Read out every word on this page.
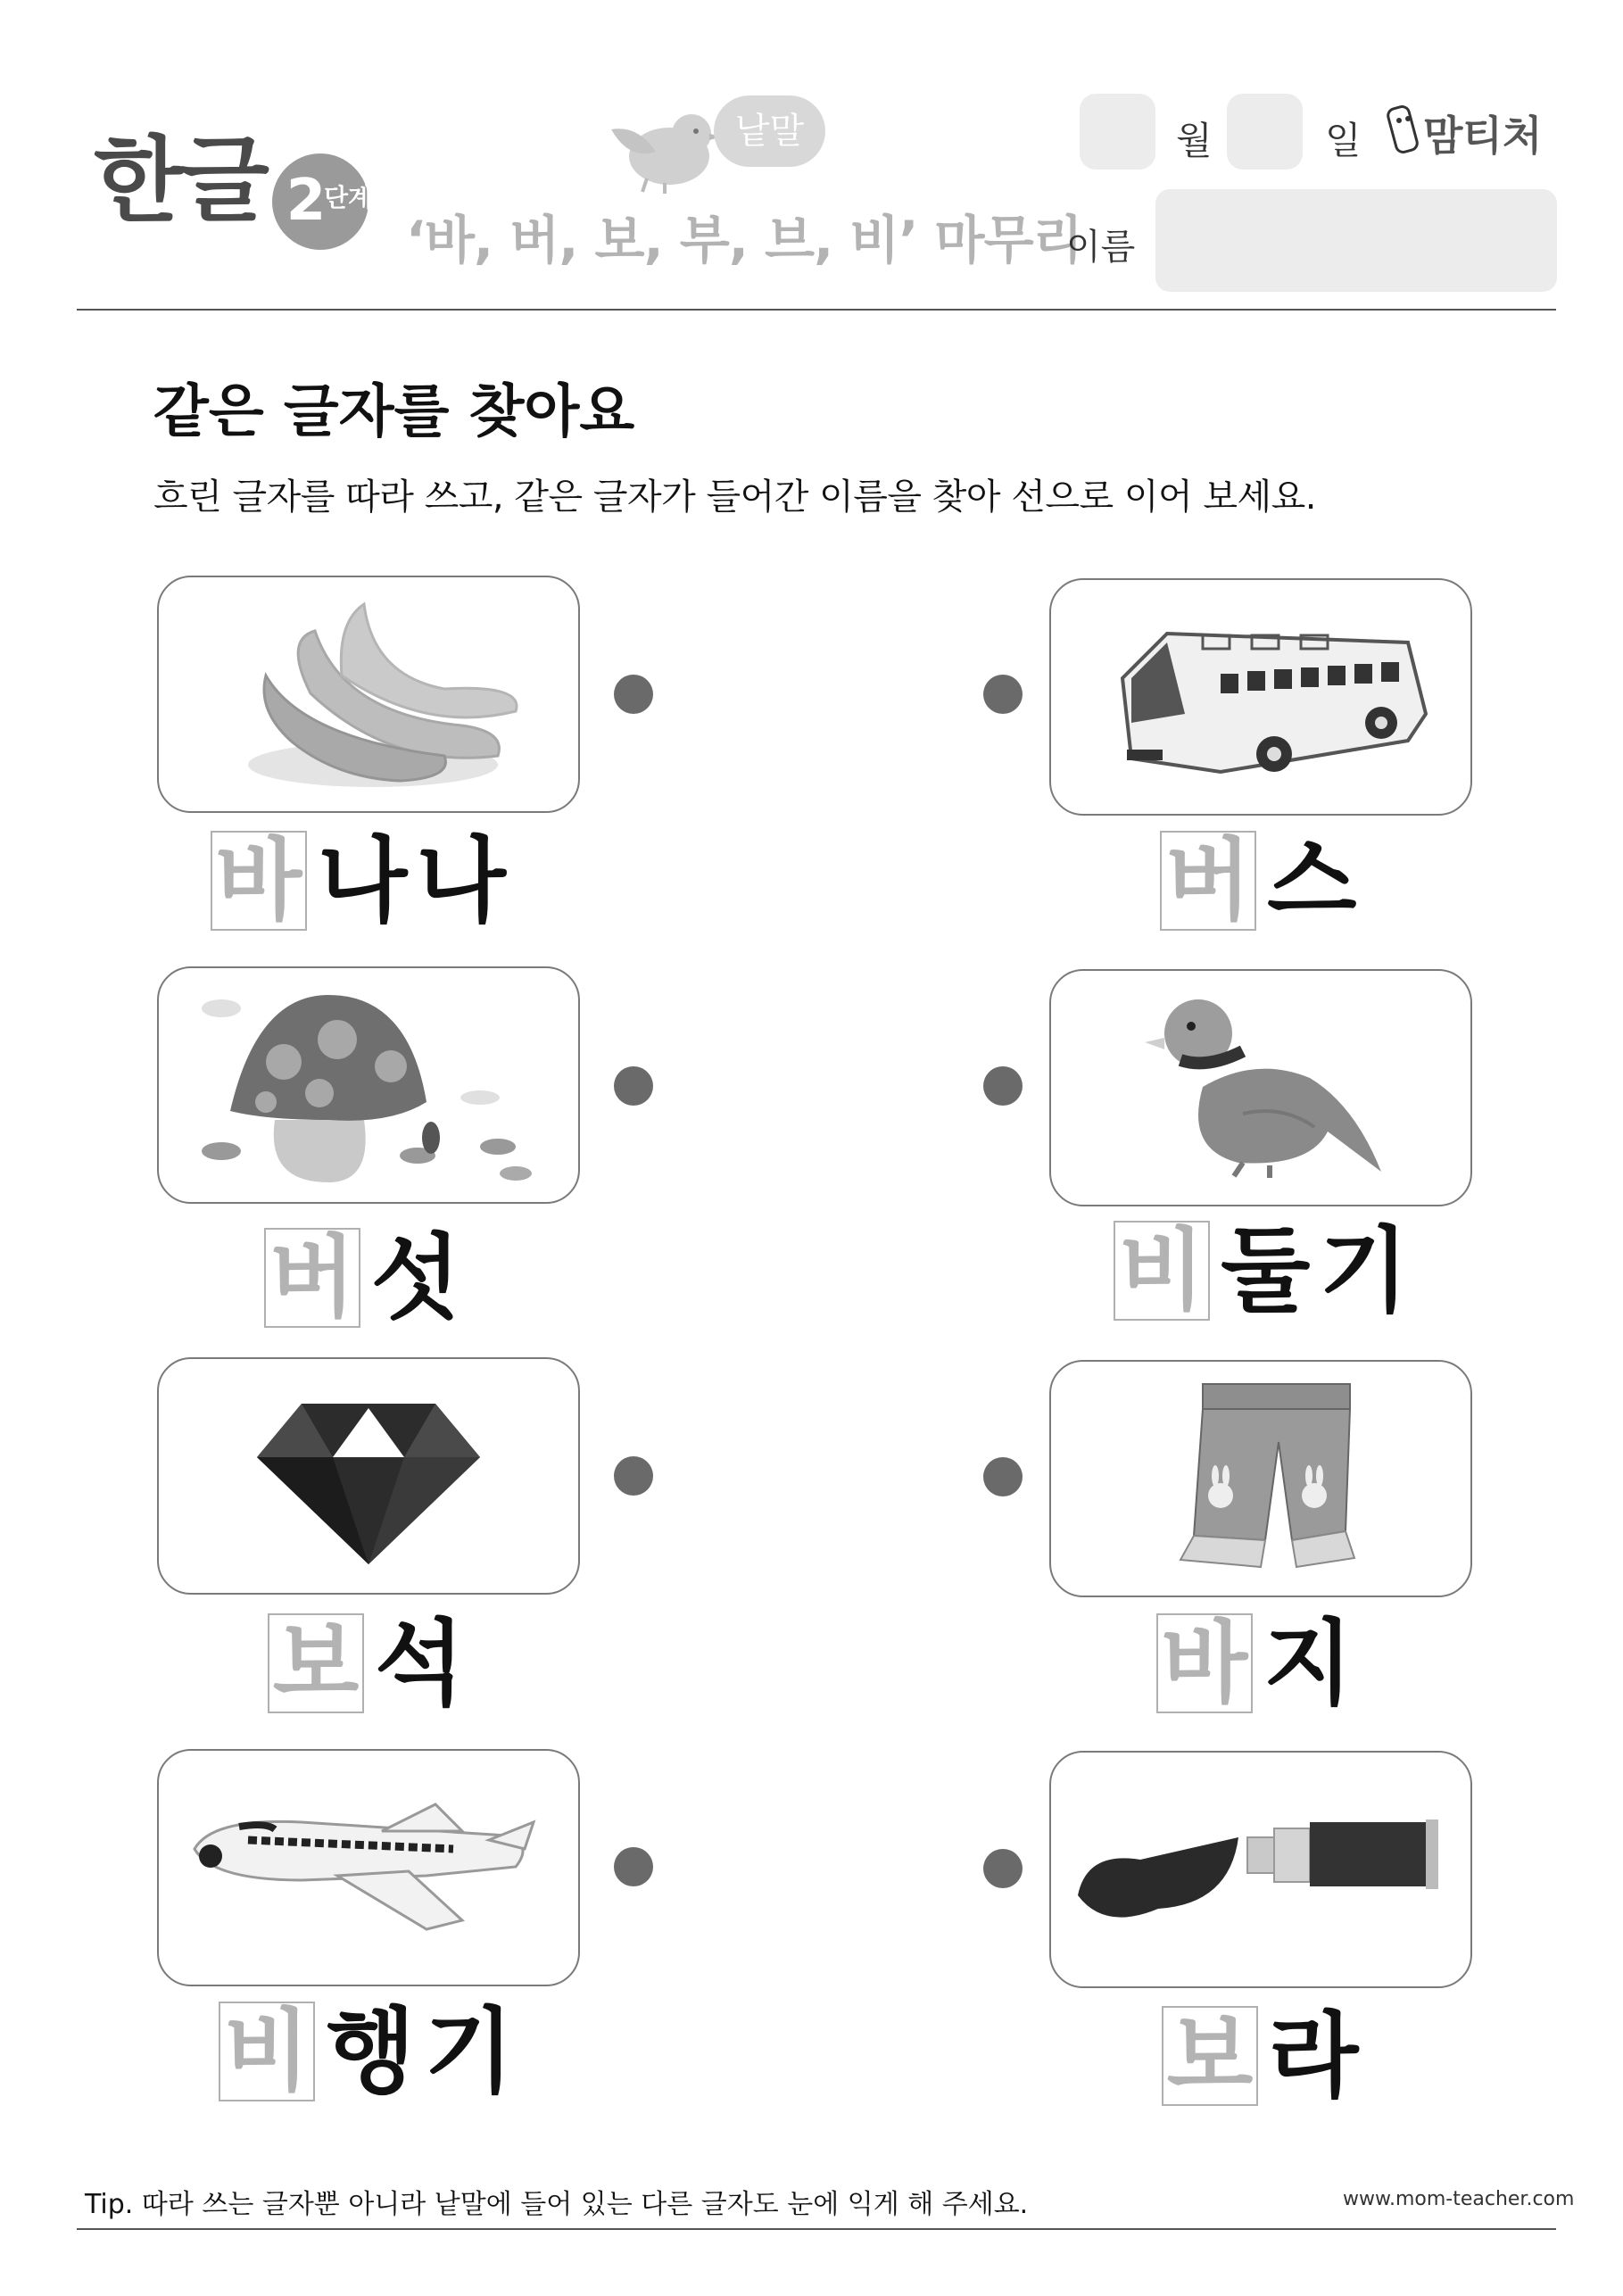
한글 2
단계
낱말
‘바, 버, 보, 부, 브, 비’ 마무리
월	일 맘티처
이름
같은 글자를 찾아요
흐린 글자를 따라 쓰고, 같은 글자가 들어간 이름을 찾아 선으로 이어 보세요.
바 나나
버 섯
보 석
비 행기
버 스
비 둘기
바 지
보 라
Tip. 따라 쓰는 글자뿐 아니라 낱말에 들어 있는 다른 글자도 눈에 익게 해 주세요.	www.mom-teacher.com
